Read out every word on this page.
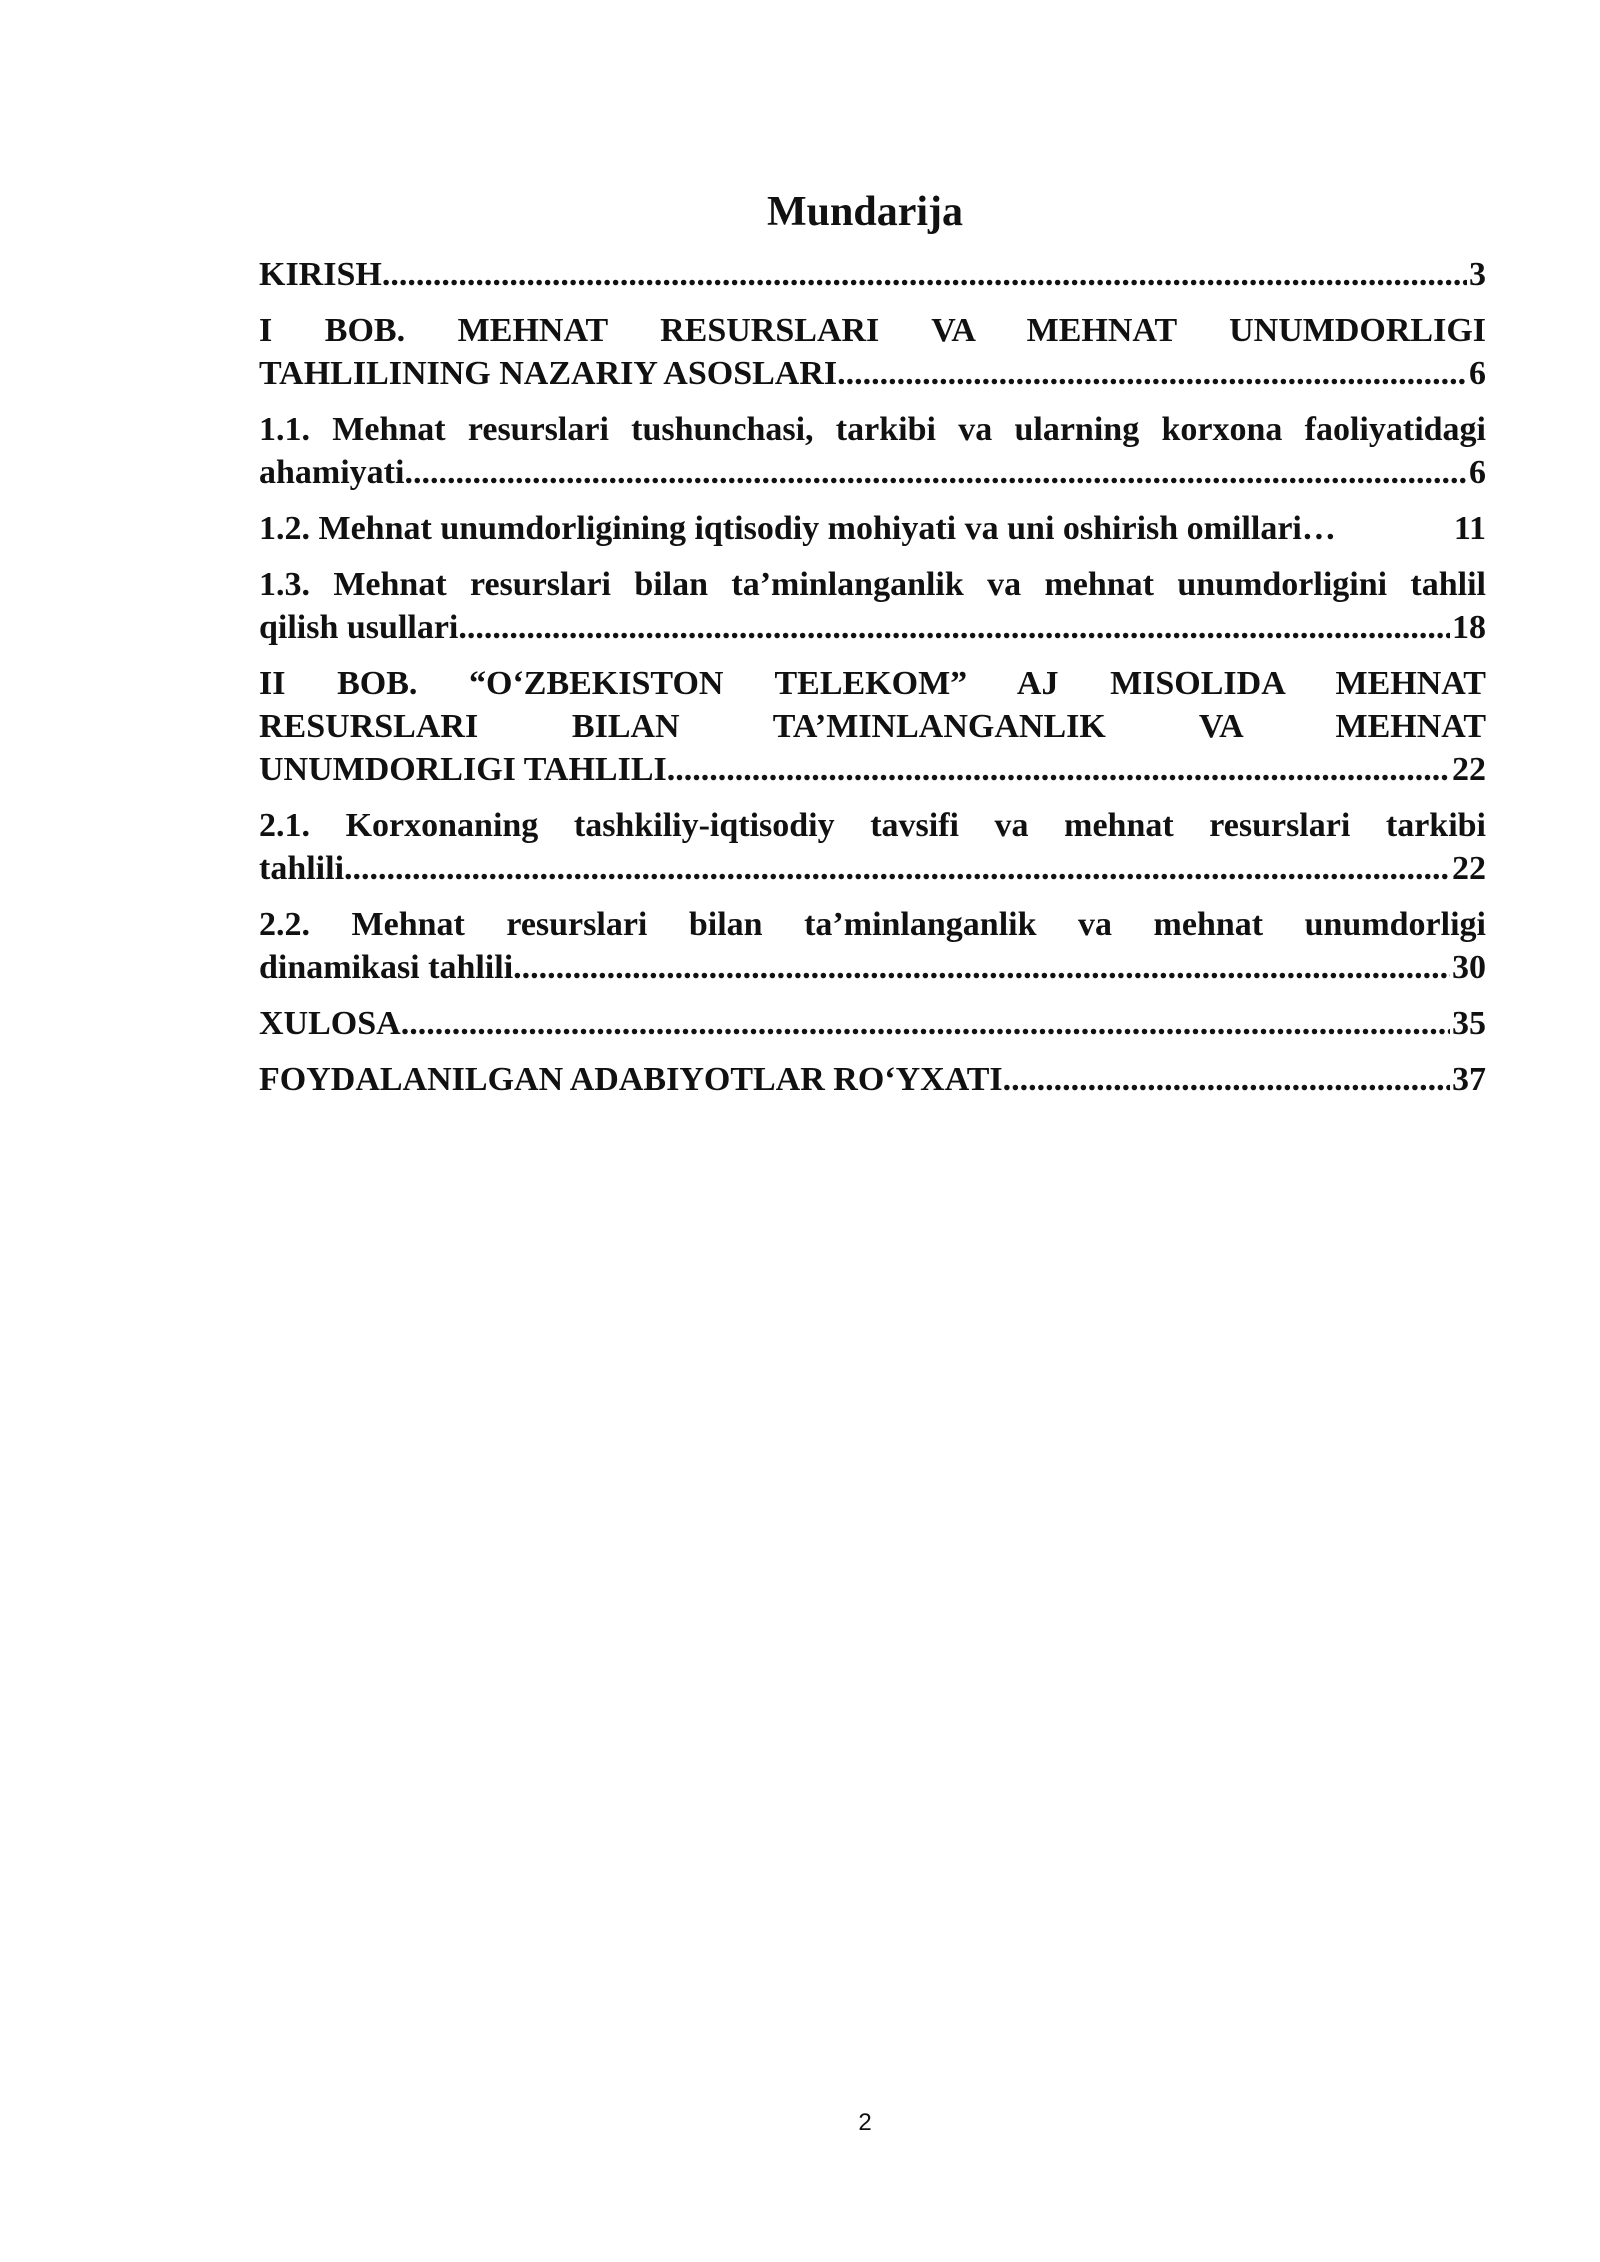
Mundarija
KIRISH .....	3
I BOB. MEHNAT RESURSLARI VA MEHNAT UNUMDORLIGI
TAHLILINING NAZARIY ASOSLARI .....	6
1.1. Mehnat resurslari tushunchasi, tarkibi va ularning korxona faoliyatidagi
ahamiyati .....	6
1.2. Mehnat unumdorligining iqtisodiy mohiyati va uni oshirish omillari…	11
1.3. Mehnat resurslari bilan ta’minlanganlik va mehnat unumdorligini tahlil
qilish usullari .....	18
II BOB. “O‘ZBEKISTON TELEKOM” AJ MISOLIDA MEHNAT
RESURSLARI BILAN TA’MINLANGANLIK VA MEHNAT
UNUMDORLIGI TAHLILI .....	22
2.1. Korxonaning tashkiliy-iqtisodiy tavsifi va mehnat resurslari tarkibi
tahlili .....	22
2.2. Mehnat resurslari bilan ta’minlanganlik va mehnat unumdorligi
dinamikasi tahlili .....	30
XULOSA .....	35
FOYDALANILGAN ADABIYOTLAR RO‘YXATI .....	37
2
